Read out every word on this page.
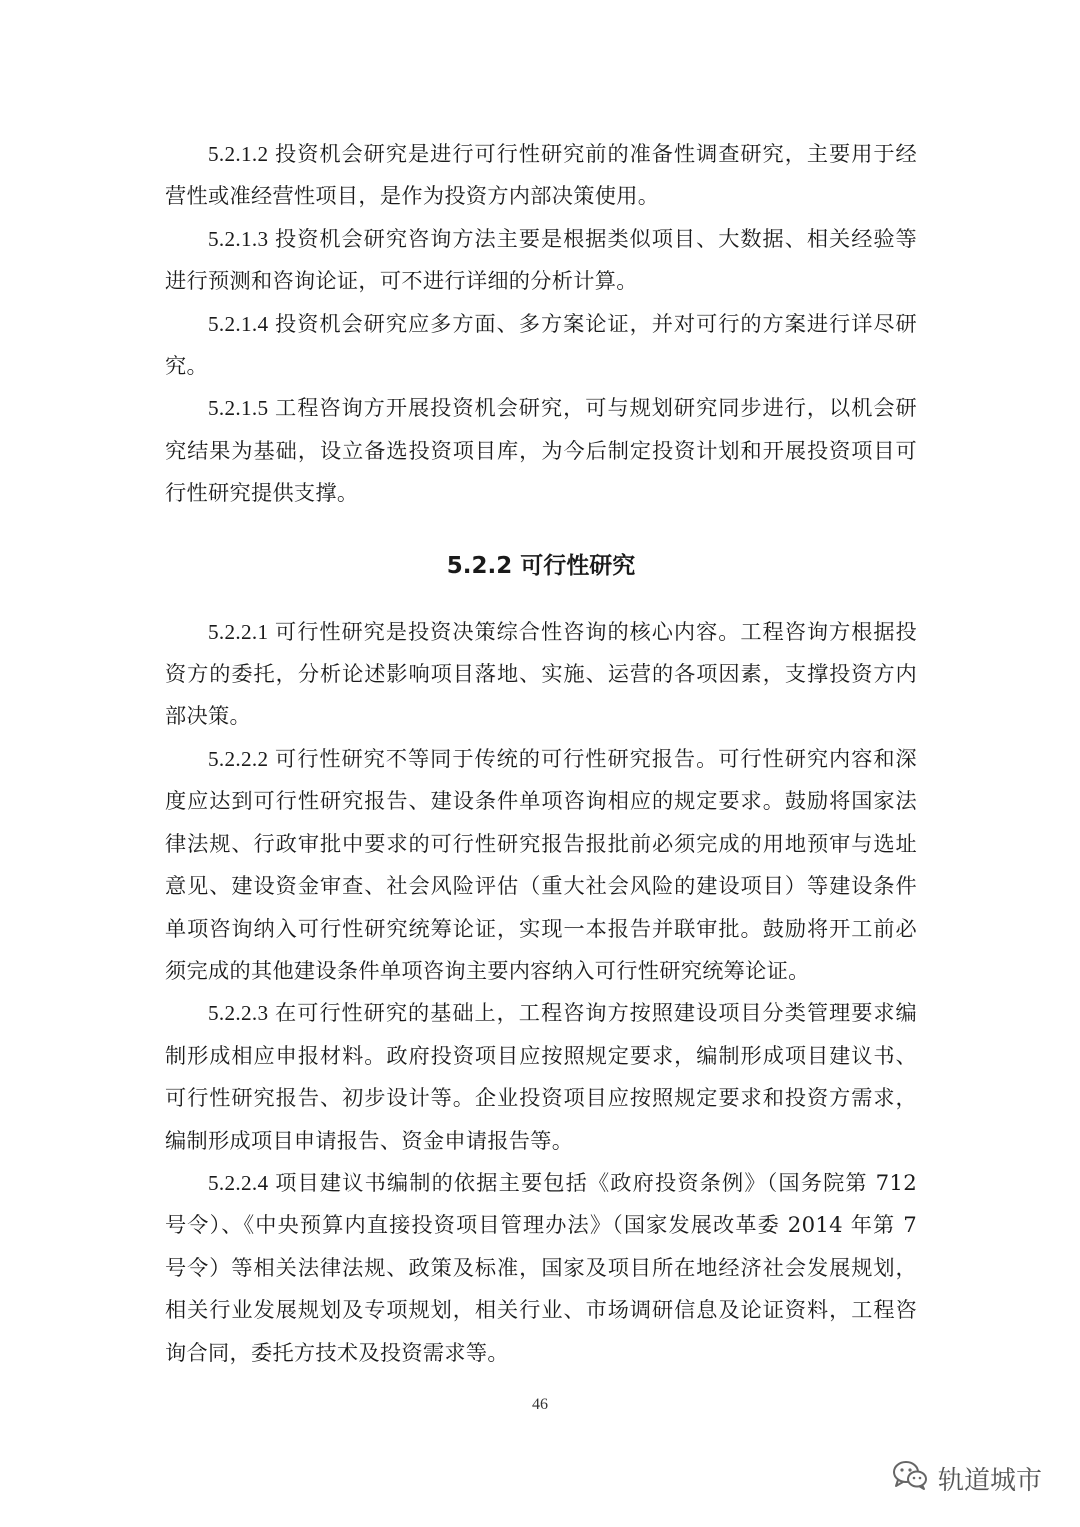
5.2.1.2 投资机会研究是进行可行性研究前的准备性调查研究，主要用于经营性或准经营性项目，是作为投资方内部决策使用。

5.2.1.3 投资机会研究咨询方法主要是根据类似项目、大数据、相关经验等进行预测和咨询论证，可不进行详细的分析计算。

5.2.1.4 投资机会研究应多方面、多方案论证，并对可行的方案进行详尽研究。

5.2.1.5 工程咨询方开展投资机会研究，可与规划研究同步进行，以机会研究结果为基础，设立备选投资项目库，为今后制定投资计划和开展投资项目可行性研究提供支撑。

5.2.2 可行性研究

5.2.2.1 可行性研究是投资决策综合性咨询的核心内容。工程咨询方根据投资方的委托，分析论述影响项目落地、实施、运营的各项因素，支撑投资方内部决策。

5.2.2.2 可行性研究不等同于传统的可行性研究报告。可行性研究内容和深度应达到可行性研究报告、建设条件单项咨询相应的规定要求。鼓励将国家法律法规、行政审批中要求的可行性研究报告报批前必须完成的用地预审与选址意见、建设资金审查、社会风险评估（重大社会风险的建设项目）等建设条件单项咨询纳入可行性研究统筹论证，实现一本报告并联审批。鼓励将开工前必须完成的其他建设条件单项咨询主要内容纳入可行性研究统筹论证。

5.2.2.3 在可行性研究的基础上，工程咨询方按照建设项目分类管理要求编制形成相应申报材料。政府投资项目应按照规定要求，编制形成项目建议书、可行性研究报告、初步设计等。企业投资项目应按照规定要求和投资方需求，编制形成项目申请报告、资金申请报告等。

5.2.2.4 项目建议书编制的依据主要包括《政府投资条例》（国务院第 712 号令）、《中央预算内直接投资项目管理办法》（国家发展改革委 2014 年第 7 号令）等相关法律法规、政策及标准，国家及项目所在地经济社会发展规划，相关行业发展规划及专项规划，相关行业、市场调研信息及论证资料，工程咨询合同，委托方技术及投资需求等。

46
轨道城市
